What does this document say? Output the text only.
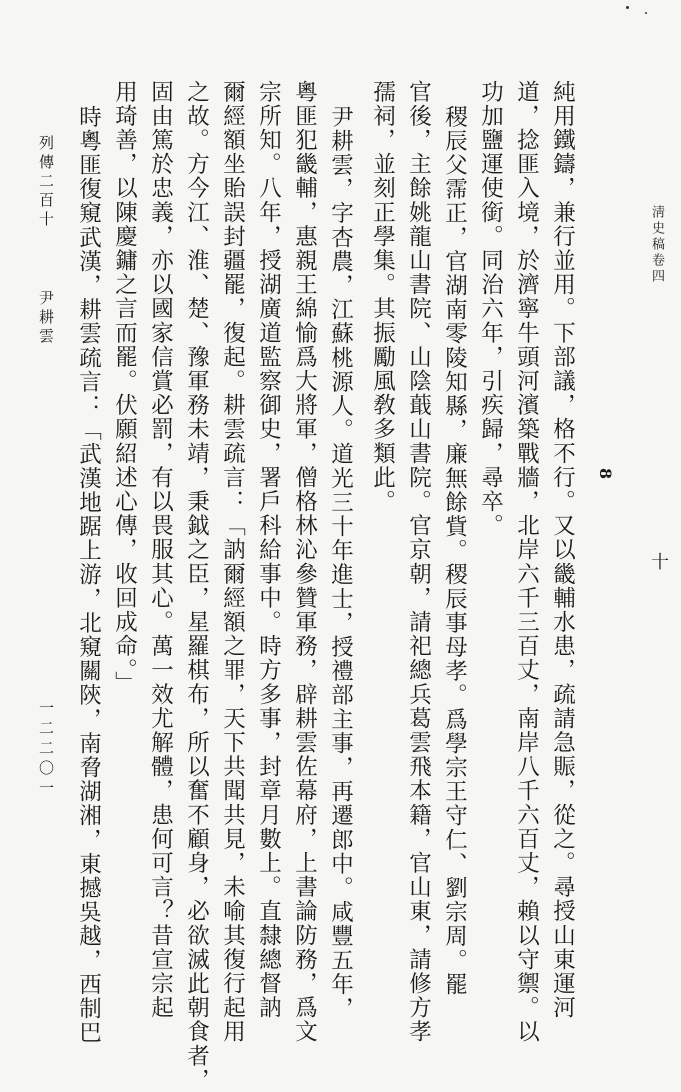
淸史稿卷四

8

十

純用鐵鑄，兼行並用。下部議，格不行。又以畿輔水患，疏請急賑，從之。尋授山東運河

道，捻匪入境，於濟寧牛頭河濱築戰牆，北岸六千三百丈，南岸八千六百丈，賴以守禦。以

功加鹽運使銜。同治六年，引疾歸，尋卒。

稷辰父霈正，官湖南零陵知縣，廉無餘貲。稷辰事母孝。爲學宗王守仁、劉宗周。罷

官後，主餘姚龍山書院、山陰蕺山書院。官京朝，請祀總兵葛雲飛本籍，官山東，請修方孝

孺祠，並刻正學集。其振勵風敎多類此。

尹耕雲，字杏農，江蘇桃源人。道光三十年進士，授禮部主事，再遷郎中。咸豐五年，

粵匪犯畿輔，惠親王綿愉爲大將軍，僧格林沁參贊軍務，辟耕雲佐幕府，上書論防務，爲文

宗所知。八年，授湖廣道監察御史，署戶科給事中。時方多事，封章月數上。直隸總督訥

爾經額坐貽誤封疆罷，復起。耕雲疏言：「訥爾經額之罪，天下共聞共見，未喻其復行起用

之故。方今江、淮、楚、豫軍務未靖，秉鉞之臣，星羅棋布，所以奮不顧身，必欲滅此朝食者，

固由篤於忠義，亦以國家信賞必罰，有以畏服其心。萬一效尤解體，患何可言？昔宣宗起

用琦善，以陳慶鏞之言而罷。伏願紹述心傳，收回成命。」

時粵匪復窺武漢，耕雲疏言：「武漢地踞上游，北窺關陝，南脅湖湘，東撼吳越，西制巴

列傳二百十

尹耕雲

一二二〇一
